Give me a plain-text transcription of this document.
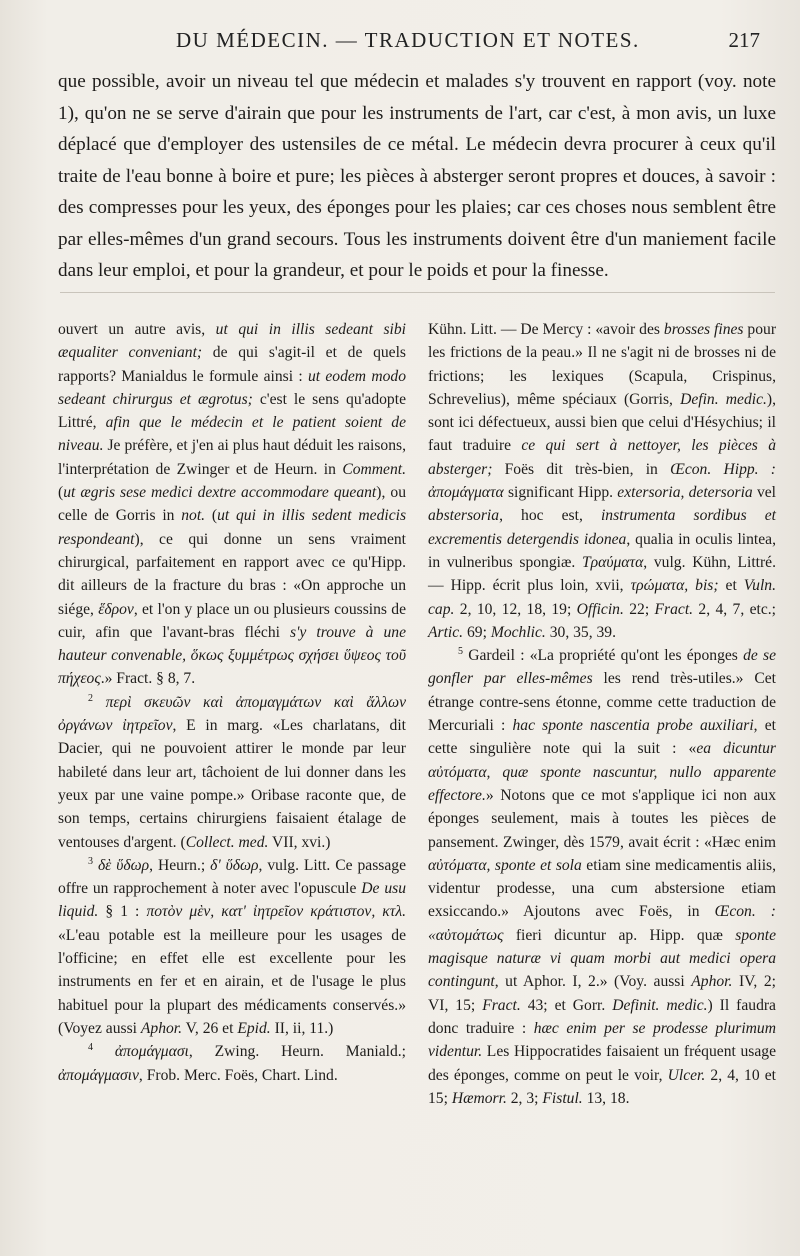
DU MÉDECIN. — TRADUCTION ET NOTES.	217

que possible, avoir un niveau tel que médecin et malades s'y trouvent en rapport (voy. note 1), qu'on ne se serve d'airain que pour les instruments de l'art, car c'est, à mon avis, un luxe déplacé que d'employer des ustensiles de ce métal. Le médecin devra procurer à ceux qu'il traite de l'eau bonne à boire et pure; les pièces à absterger seront propres et douces, à savoir : des compresses pour les yeux, des éponges pour les plaies; car ces choses nous semblent être par elles-mêmes d'un grand secours. Tous les instruments doivent être d'un maniement facile dans leur emploi, et pour la grandeur, et pour le poids et pour la finesse.

ouvert un autre avis, ut qui in illis sedeant sibi æqualiter conveniant; de qui s'agit-il et de quels rapports? Manialdus le formule ainsi : ut eodem modo sedeant chirurgus et ægrotus; c'est le sens qu'adopte Littré, afin que le médecin et le patient soient de niveau. Je préfère, et j'en ai plus haut déduit les raisons, l'interprétation de Zwinger et de Heurn. in Comment. (ut ægris sese medici dextre accommodare queant), ou celle de Gorris in not. (ut qui in illis sedent medicis respondeant), ce qui donne un sens vraiment chirurgical, parfaitement en rapport avec ce qu'Hipp. dit ailleurs de la fracture du bras : «On approche un siége, ἕδρον, et l'on y place un ou plusieurs coussins de cuir, afin que l'avant-bras fléchi s'y trouve à une hauteur convenable, ὅκως ξυμμέτρως σχήσει ὕψεος τοῦ πήχεος.» Fract. § 8, 7.

$^2$ περὶ σκευῶν καὶ ἀπομαγμάτων καὶ ἄλλων ὀργάνων ἰητρεῖον, E in marg. «Les charlatans, dit Dacier, qui ne pouvoient attirer le monde par leur habileté dans leur art, tâchoient de lui donner dans les yeux par une vaine pompe.» Oribase raconte que, de son temps, certains chirurgiens faisaient étalage de ventouses d'argent. (Collect. med. VII, xvi.)

$^3$ δὲ ὕδωρ, Heurn.; δ' ὕδωρ, vulg. Litt. Ce passage offre un rapprochement à noter avec l'opuscule De usu liquid. § 1 : ποτὸν μὲν, κατ' ἰητρεῖον κράτιστον, κτλ. «L'eau potable est la meilleure pour les usages de l'officine; en effet elle est excellente pour les instruments en fer et en airain, et de l'usage le plus habituel pour la plupart des médicaments conservés.» (Voyez aussi Aphor. V, 26 et Epid. II, ii, 11.)

$^4$ ἀπομάγμασι, Zwing. Heurn. Maniald.; ἀπομάγμασιν, Frob. Merc. Foës, Chart. Lind.

Kühn. Litt. — De Mercy : «avoir des brosses fines pour les frictions de la peau.» Il ne s'agit ni de brosses ni de frictions; les lexiques (Scapula, Crispinus, Schrevelius), même spéciaux (Gorris, Defin. medic.), sont ici défectueux, aussi bien que celui d'Hésychius; il faut traduire ce qui sert à nettoyer, les pièces à absterger; Foës dit très-bien, in Œcon. Hipp. : ἀπομάγματα significant Hipp. extersoria, detersoria vel abstersoria, hoc est, instrumenta sordibus et excrementis detergendis idonea, qualia in oculis lintea, in vulneribus spongiæ. Τραύματα, vulg. Kühn, Littré. — Hipp. écrit plus loin, xvii, τρώματα, bis; et Vuln. cap. 2, 10, 12, 18, 19; Officin. 22; Fract. 2, 4, 7, etc.; Artic. 69; Mochlic. 30, 35, 39.

$^5$ Gardeil : «La propriété qu'ont les éponges de se gonfler par elles-mêmes les rend très-utiles.» Cet étrange contre-sens étonne, comme cette traduction de Mercuriali : hac sponte nascentia probe auxiliari, et cette singulière note qui la suit : «ea dicuntur αὐτόματα, quæ sponte nascuntur, nullo apparente effectore.» Notons que ce mot s'applique ici non aux éponges seulement, mais à toutes les pièces de pansement. Zwinger, dès 1579, avait écrit : «Hæc enim αὐτόματα, sponte et sola etiam sine medicamentis aliis, videntur prodesse, una cum abstersione etiam exsiccando.» Ajoutons avec Foës, in Œcon. : «αὐτομάτως fieri dicuntur ap. Hipp. quæ sponte magisque naturæ vi quam morbi aut medici opera contingunt, ut Aphor. I, 2.» (Voy. aussi Aphor. IV, 2; VI, 15; Fract. 43; et Gorr. Definit. medic.) Il faudra donc traduire : hæc enim per se prodesse plurimum videntur. Les Hippocratides faisaient un fréquent usage des éponges, comme on peut le voir, Ulcer. 2, 4, 10 et 15; Hæmorr. 2, 3; Fistul. 13, 18.
